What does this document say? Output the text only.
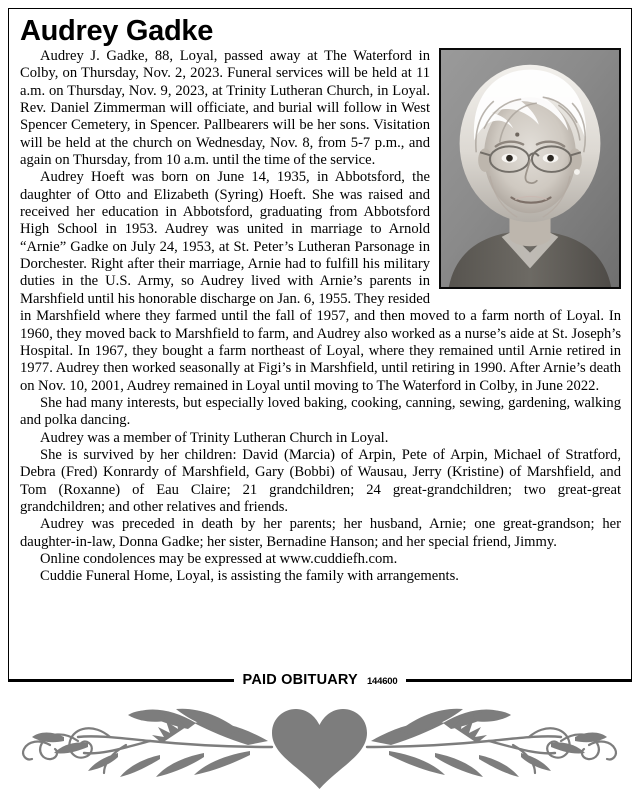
Audrey Gadke

Audrey J. Gadke, 88, Loyal, passed away at The Waterford in Colby, on Thursday, Nov. 2, 2023. Funeral services will be held at 11 a.m. on Thursday, Nov. 9, 2023, at Trinity Lutheran Church, in Loyal. Rev. Daniel Zimmerman will officiate, and burial will follow in West Spencer Cemetery, in Spencer. Pallbearers will be her sons. Visitation will be held at the church on Wednesday, Nov. 8, from 5-7 p.m., and again on Thursday, from 10 a.m. until the time of the service.

Audrey Hoeft was born on June 14, 1935, in Abbotsford, the daughter of Otto and Elizabeth (Syring) Hoeft. She was raised and received her education in Abbotsford, graduating from Abbotsford High School in 1953. Audrey was united in marriage to Arnold “Arnie” Gadke on July 24, 1953, at St. Peter’s Lutheran Parsonage in Dorchester. Right after their marriage, Arnie had to fulfill his military duties in the U.S. Army, so Audrey lived with Arnie’s parents in Marshfield until his honorable discharge on Jan. 6, 1955. They resided in Marshfield where they farmed until the fall of 1957, and then moved to a farm north of Loyal. In 1960, they moved back to Marshfield to farm, and Audrey also worked as a nurse’s aide at St. Joseph’s Hospital. In 1967, they bought a farm northeast of Loyal, where they remained until Arnie retired in 1977. Audrey then worked seasonally at Figi’s in Marshfield, until retiring in 1990. After Arnie’s death on Nov. 10, 2001, Audrey remained in Loyal until moving to The Waterford in Colby, in June 2022.

She had many interests, but especially loved baking, cooking, canning, sewing, gardening, walking and polka dancing.

Audrey was a member of Trinity Lutheran Church in Loyal.

She is survived by her children: David (Marcia) of Arpin, Pete of Arpin, Michael of Stratford, Debra (Fred) Konrardy of Marshfield, Gary (Bobbi) of Wausau, Jerry (Kristine) of Marshfield, and Tom (Roxanne) of Eau Claire; 21 grandchildren; 24 great-grandchildren; two great-great grandchildren; and other relatives and friends.

Audrey was preceded in death by her parents; her husband, Arnie; one great-grandson; her daughter-in-law, Donna Gadke; her sister, Bernadine Hanson; and her special friend, Jimmy.

Online condolences may be expressed at www.cuddiefh.com.

Cuddie Funeral Home, Loyal, is assisting the family with arrangements.

PAID OBITUARY 144600
